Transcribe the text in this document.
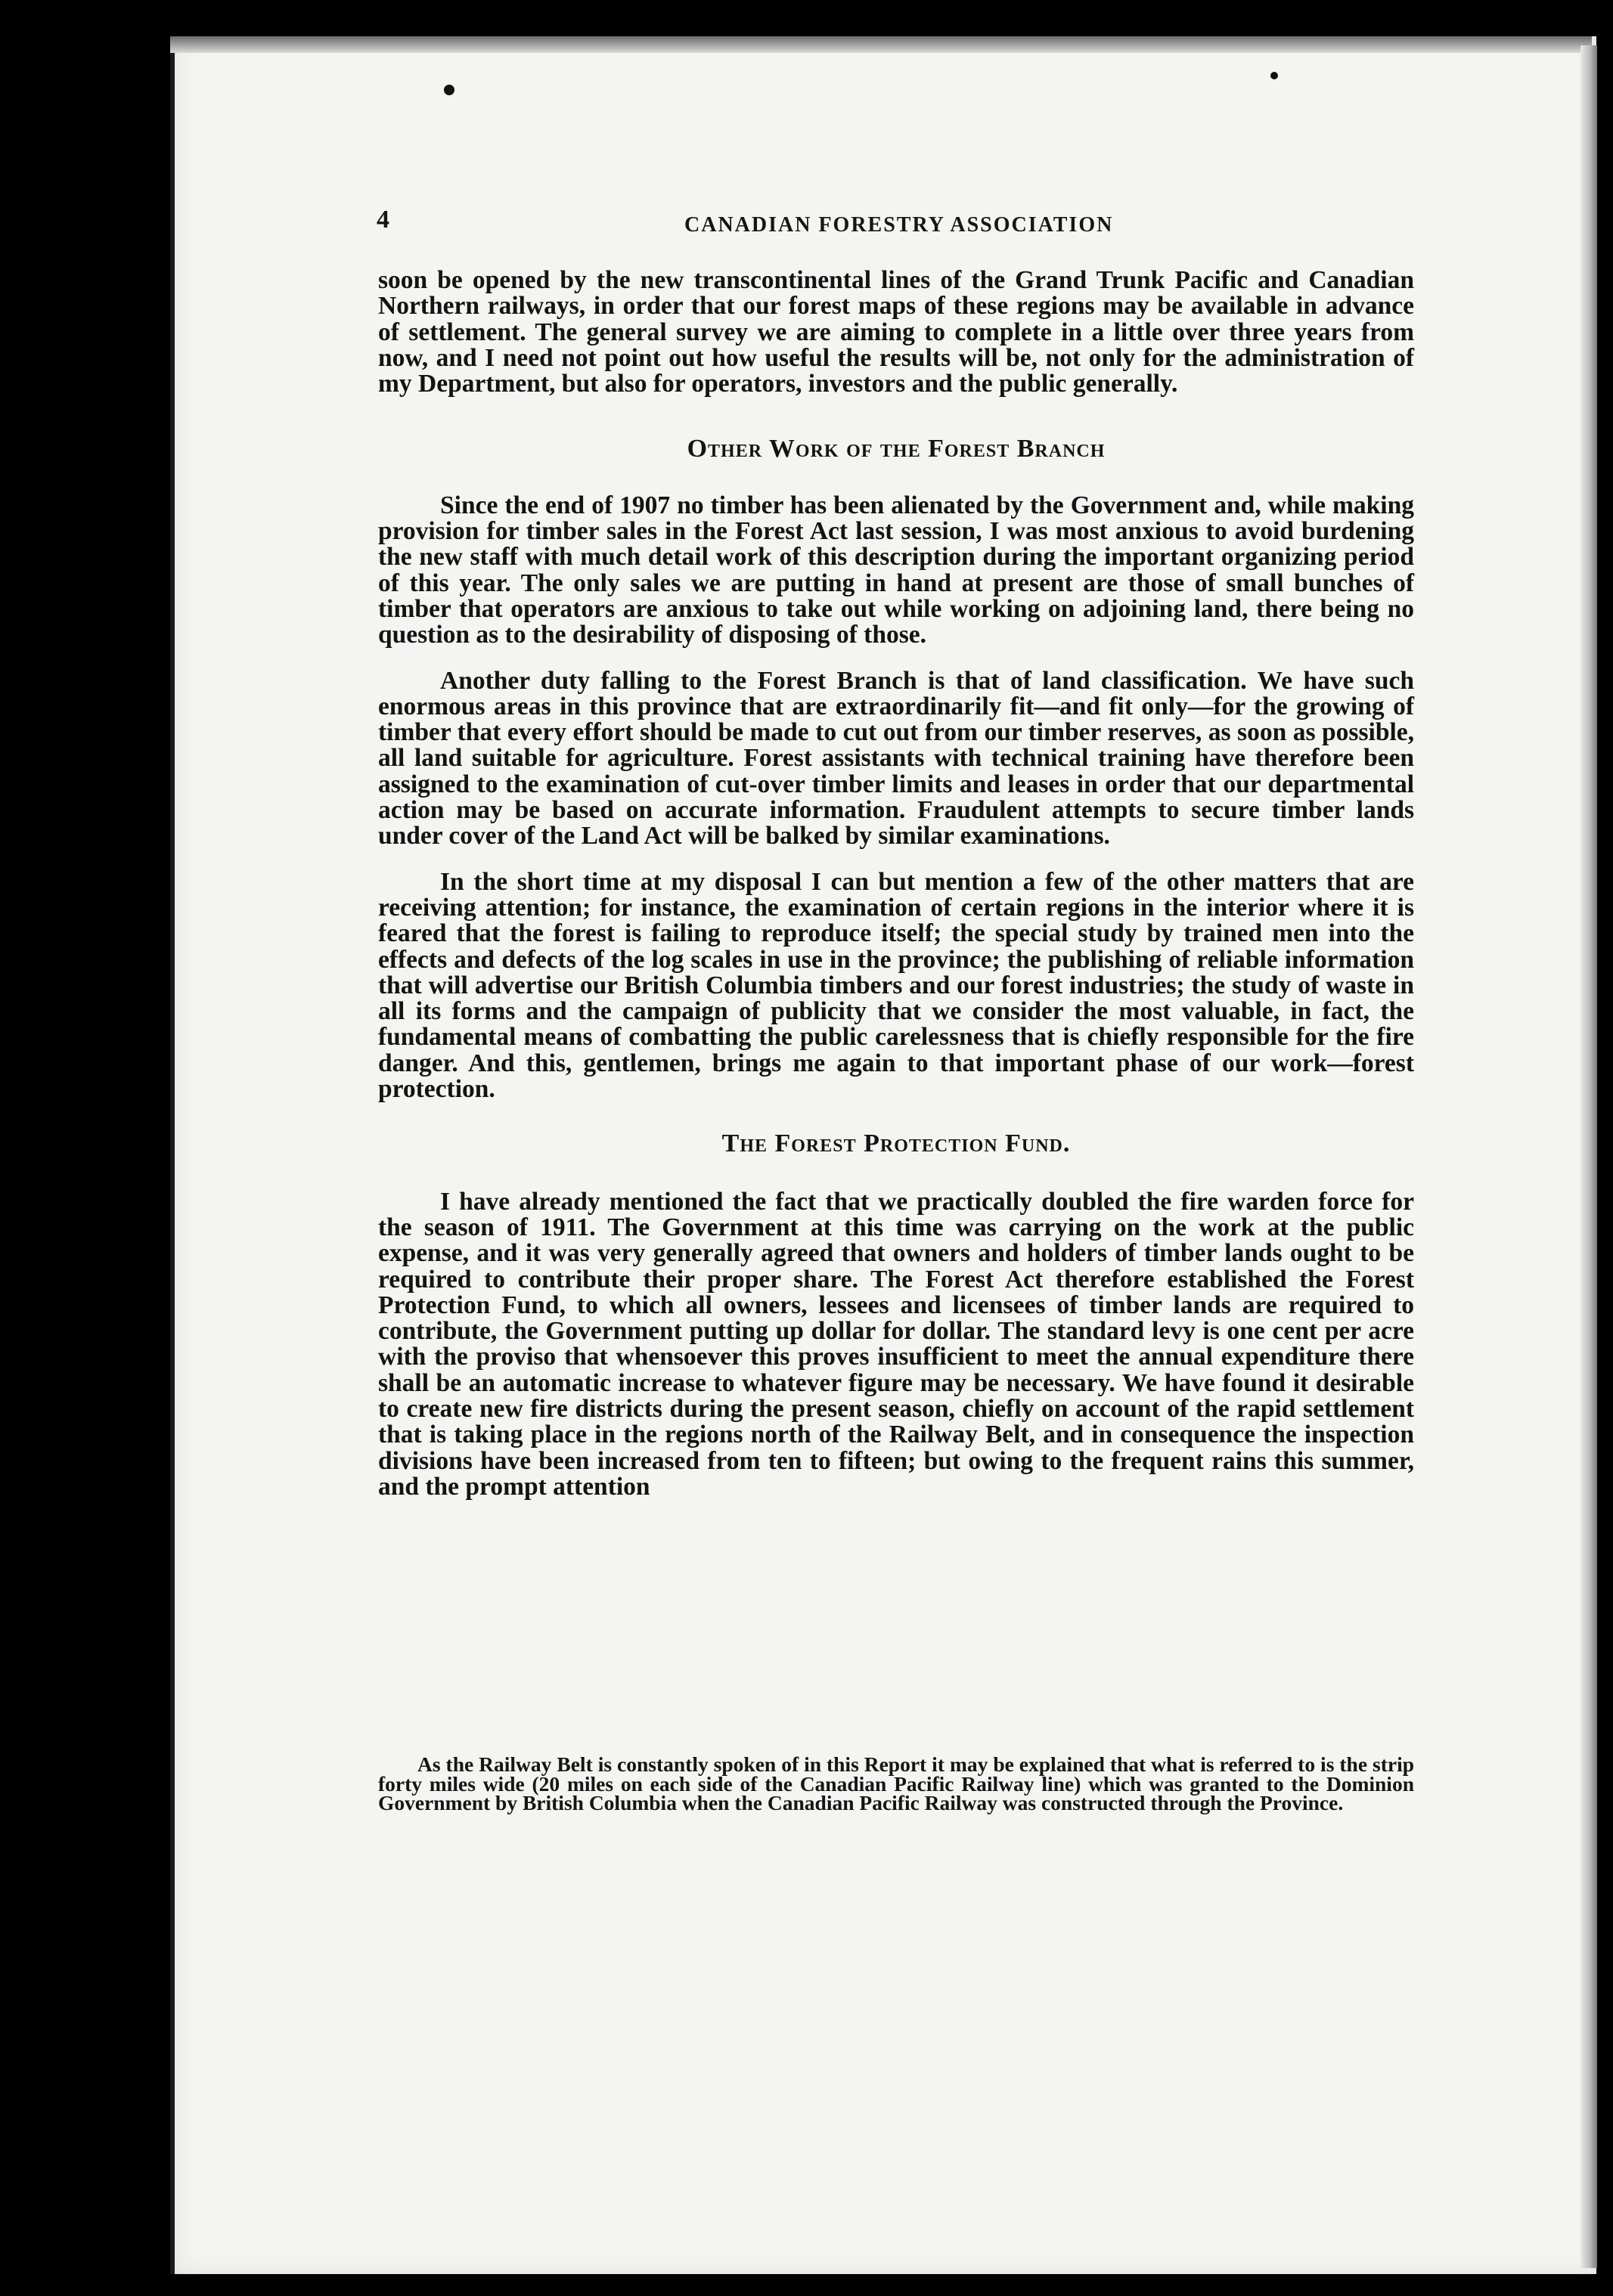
4	CANADIAN FORESTRY ASSOCIATION

soon be opened by the new transcontinental lines of the Grand Trunk Pacific and Canadian Northern railways, in order that our forest maps of these regions may be available in advance of settlement. The general survey we are aiming to complete in a little over three years from now, and I need not point out how useful the results will be, not only for the administration of my Department, but also for operators, investors and the public generally.

Other Work of the Forest Branch

Since the end of 1907 no timber has been alienated by the Government and, while making provision for timber sales in the Forest Act last session, I was most anxious to avoid burdening the new staff with much detail work of this description during the important organizing period of this year. The only sales we are putting in hand at present are those of small bunches of timber that operators are anxious to take out while working on adjoining land, there being no question as to the desirability of disposing of those.

Another duty falling to the Forest Branch is that of land classification. We have such enormous areas in this province that are extraordinarily fit—and fit only—for the growing of timber that every effort should be made to cut out from our timber reserves, as soon as possible, all land suitable for agriculture. Forest assistants with technical training have therefore been assigned to the examination of cut-over timber limits and leases in order that our departmental action may be based on accurate information. Fraudulent attempts to secure timber lands under cover of the Land Act will be balked by similar examinations.

In the short time at my disposal I can but mention a few of the other matters that are receiving attention; for instance, the examination of certain regions in the interior where it is feared that the forest is failing to reproduce itself; the special study by trained men into the effects and defects of the log scales in use in the province; the publishing of reliable information that will advertise our British Columbia timbers and our forest industries; the study of waste in all its forms and the campaign of publicity that we consider the most valuable, in fact, the fundamental means of combatting the public carelessness that is chiefly responsible for the fire danger. And this, gentlemen, brings me again to that important phase of our work—forest protection.

The Forest Protection Fund.

I have already mentioned the fact that we practically doubled the fire warden force for the season of 1911. The Government at this time was carrying on the work at the public expense, and it was very generally agreed that owners and holders of timber lands ought to be required to contribute their proper share. The Forest Act therefore established the Forest Protection Fund, to which all owners, lessees and licensees of timber lands are required to contribute, the Government putting up dollar for dollar. The standard levy is one cent per acre with the proviso that whensoever this proves insufficient to meet the annual expenditure there shall be an automatic increase to whatever figure may be necessary. We have found it desirable to create new fire districts during the present season, chiefly on account of the rapid settlement that is taking place in the regions north of the Railway Belt, and in consequence the inspection divisions have been increased from ten to fifteen; but owing to the frequent rains this summer, and the prompt attention

As the Railway Belt is constantly spoken of in this Report it may be explained that what is referred to is the strip forty miles wide (20 miles on each side of the Canadian Pacific Railway line) which was granted to the Dominion Government by British Columbia when the Canadian Pacific Railway was constructed through the Province.
